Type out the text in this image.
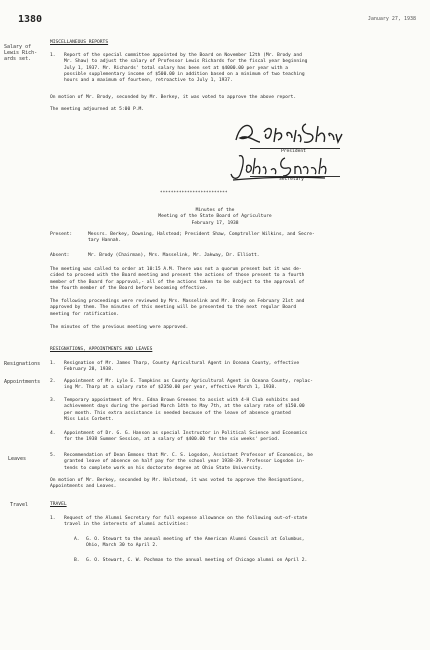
1380	January 27, 1938
Salary of
Lewis Rich-
ards set.
Resignations
Appointments
Leaves
Travel
MISCELLANEOUS REPORTS
1. Report of the special committee appointed by the Board on November 12th (Mr. Brody and
Mr. Shaw) to adjust the salary of Professor Lewis Richards for the fiscal year beginning
July 1, 1937. Mr. Richards' total salary has been set at $4000.00 per year with a
possible supplementary income of $500.00 in addition based on a minimum of two teaching
hours and a maximum of fourteen, retroactive to July 1, 1937.
On motion of Mr. Brody, seconded by Mr. Berkey, it was voted to approve the above report.
The meeting adjourned at 5:00 P.M.
President
Secretary
*************************
Minutes of the
Meeting of the State Board of Agriculture
February 17, 1938
Present:	Messrs. Berkey, Downing, Halstead; President Shaw, Comptroller Wilkins, and Secre-
tary Hannah.
Absent:	Mr. Brody (Chairman), Mrs. Masselink, Mr. Jakway, Dr. Elliott.
The meeting was called to order at 10:15 A.M. There was not a quorum present but it was de-
cided to proceed with the Board meeting and present the actions of those present to a fourth
member of the Board for approval,- all of the actions taken to be subject to the approval of
the fourth member of the Board before becoming effective.
The following proceedings were reviewed by Mrs. Masselink and Mr. Brody on February 21st and
approved by them. The minutes of this meeting will be presented to the next regular Board
meeting for ratification.
The minutes of the previous meeting were approved.
RESIGNATIONS, APPOINTMENTS AND LEAVES
1. Resignation of Mr. James Tharp, County Agricultural Agent in Oceana County, effective
February 28, 1938.
2. Appointment of Mr. Lyle E. Tompkins as County Agricultural Agent in Oceana County, replac-
ing Mr. Tharp at a salary rate of $2350.00 per year, effective March 1, 1938.
3. Temporary appointment of Mrs. Edna Brown Greenes to assist with 4-H Club exhibits and
achievement days during the period March 14th to May 7th, at the salary rate of $150.00
per month. This extra assistance is needed because of the leave of absence granted
Miss Lois Corbett.
4. Appointment of Dr. G. G. Hanson as special Instructor in Political Science and Economics
for the 1938 Summer Session, at a salary of $400.00 for the six weeks' period.
5. Recommendation of Dean Emmons that Mr. C. S. Logsdon, Assistant Professor of Economics, be
granted leave of absence on half pay for the school year 1938-39. Professor Logsdon in-
tends to complete work on his doctorate degree at Ohio State University.
On motion of Mr. Berkey, seconded by Mr. Halstead, it was voted to approve the Resignations,
Appointments and Leaves.
TRAVEL
1. Request of the Alumni Secretary for full expense allowance on the following out-of-state
travel in the interests of alumni activities:
A. G. O. Stewart to the annual meeting of the American Alumni Council at Columbus,
Ohio, March 30 to April 2.
B. G. O. Stewart, C. W. Pochman to the annual meeting of Chicago alumni on April 2.
